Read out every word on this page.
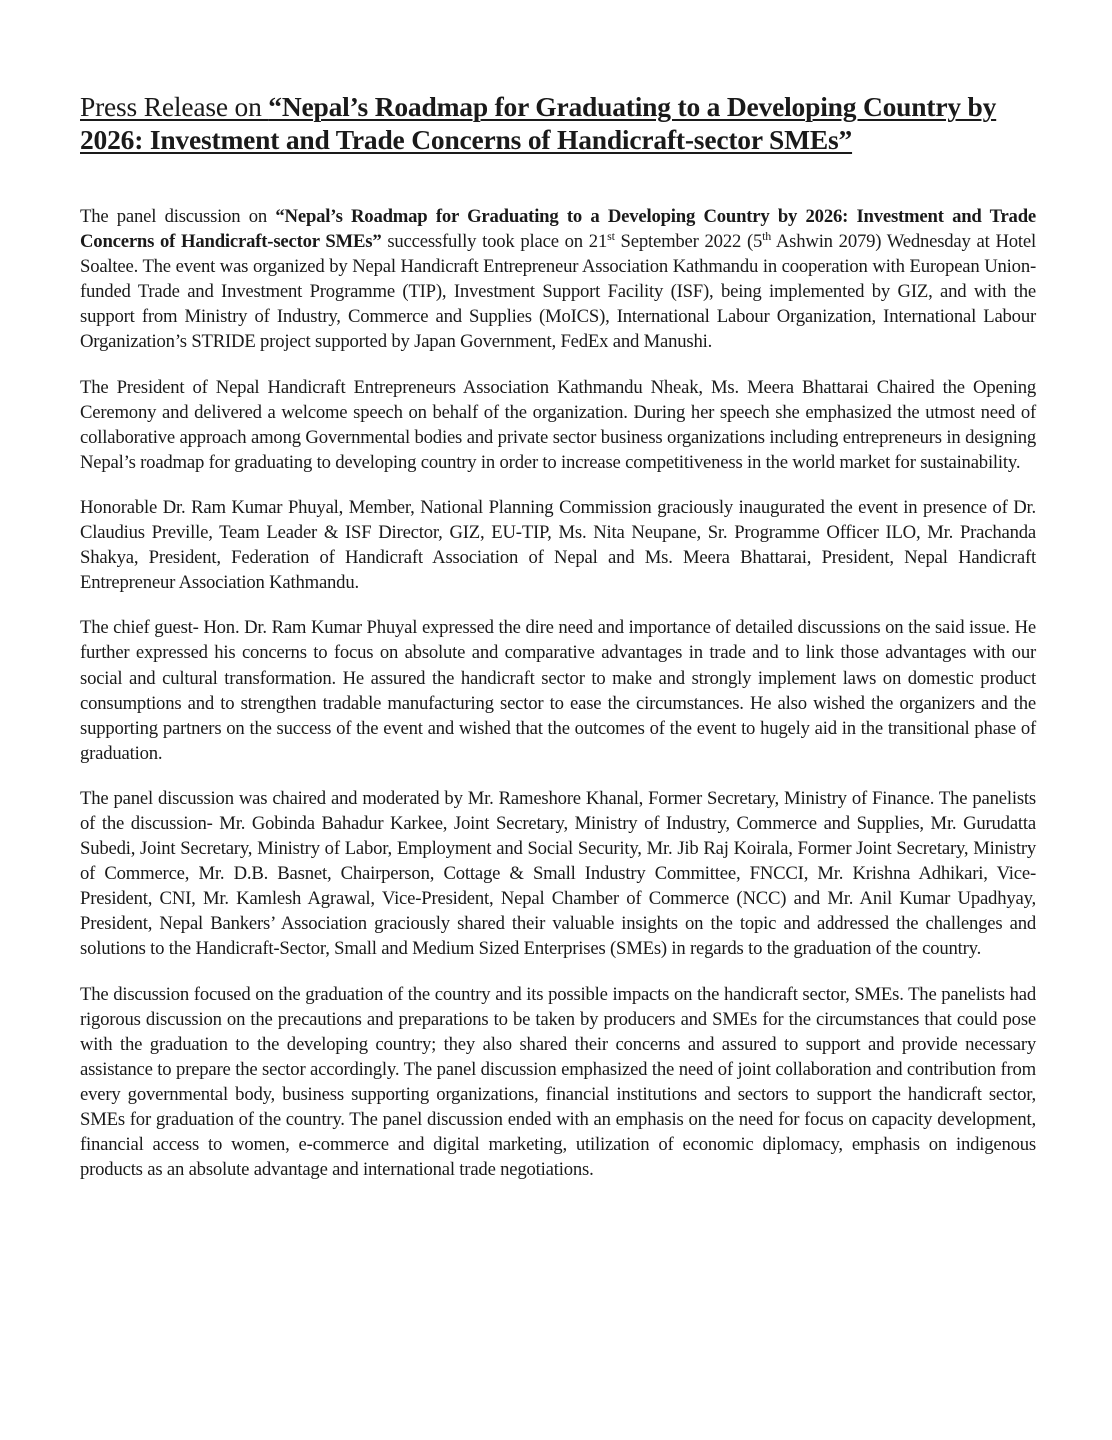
Press Release on “Nepal’s Roadmap for Graduating to a Developing Country by 2026: Investment and Trade Concerns of Handicraft-sector SMEs”

The panel discussion on “Nepal’s Roadmap for Graduating to a Developing Country by 2026: Investment and Trade Concerns of Handicraft-sector SMEs” successfully took place on 21st September 2022 (5th Ashwin 2079) Wednesday at Hotel Soaltee. The event was organized by Nepal Handicraft Entrepreneur Association Kathmandu in cooperation with European Union-funded Trade and Investment Programme (TIP), Investment Support Facility (ISF), being implemented by GIZ, and with the support from Ministry of Industry, Commerce and Supplies (MoICS), International Labour Organization, International Labour Organization’s STRIDE project supported by Japan Government, FedEx and Manushi.

The President of Nepal Handicraft Entrepreneurs Association Kathmandu Nheak, Ms. Meera Bhattarai Chaired the Opening Ceremony and delivered a welcome speech on behalf of the organization. During her speech she emphasized the utmost need of collaborative approach among Governmental bodies and private sector business organizations including entrepreneurs in designing Nepal’s roadmap for graduating to developing country in order to increase competitiveness in the world market for sustainability.

Honorable Dr. Ram Kumar Phuyal, Member, National Planning Commission graciously inaugurated the event in presence of Dr. Claudius Preville, Team Leader & ISF Director, GIZ, EU-TIP, Ms. Nita Neupane, Sr. Programme Officer ILO, Mr. Prachanda Shakya, President, Federation of Handicraft Association of Nepal and Ms. Meera Bhattarai, President, Nepal Handicraft Entrepreneur Association Kathmandu.

The chief guest- Hon. Dr. Ram Kumar Phuyal expressed the dire need and importance of detailed discussions on the said issue. He further expressed his concerns to focus on absolute and comparative advantages in trade and to link those advantages with our social and cultural transformation. He assured the handicraft sector to make and strongly implement laws on domestic product consumptions and to strengthen tradable manufacturing sector to ease the circumstances. He also wished the organizers and the supporting partners on the success of the event and wished that the outcomes of the event to hugely aid in the transitional phase of graduation.

The panel discussion was chaired and moderated by Mr. Rameshore Khanal, Former Secretary, Ministry of Finance. The panelists of the discussion- Mr. Gobinda Bahadur Karkee, Joint Secretary, Ministry of Industry, Commerce and Supplies, Mr. Gurudatta Subedi, Joint Secretary, Ministry of Labor, Employment and Social Security, Mr. Jib Raj Koirala, Former Joint Secretary, Ministry of Commerce, Mr. D.B. Basnet, Chairperson, Cottage & Small Industry Committee, FNCCI, Mr. Krishna Adhikari, Vice-President, CNI, Mr. Kamlesh Agrawal, Vice-President, Nepal Chamber of Commerce (NCC) and Mr. Anil Kumar Upadhyay, President, Nepal Bankers’ Association graciously shared their valuable insights on the topic and addressed the challenges and solutions to the Handicraft-Sector, Small and Medium Sized Enterprises (SMEs) in regards to the graduation of the country.

The discussion focused on the graduation of the country and its possible impacts on the handicraft sector, SMEs. The panelists had rigorous discussion on the precautions and preparations to be taken by producers and SMEs for the circumstances that could pose with the graduation to the developing country; they also shared their concerns and assured to support and provide necessary assistance to prepare the sector accordingly. The panel discussion emphasized the need of joint collaboration and contribution from every governmental body, business supporting organizations, financial institutions and sectors to support the handicraft sector, SMEs for graduation of the country. The panel discussion ended with an emphasis on the need for focus on capacity development, financial access to women, e-commerce and digital marketing, utilization of economic diplomacy, emphasis on indigenous products as an absolute advantage and international trade negotiations.
